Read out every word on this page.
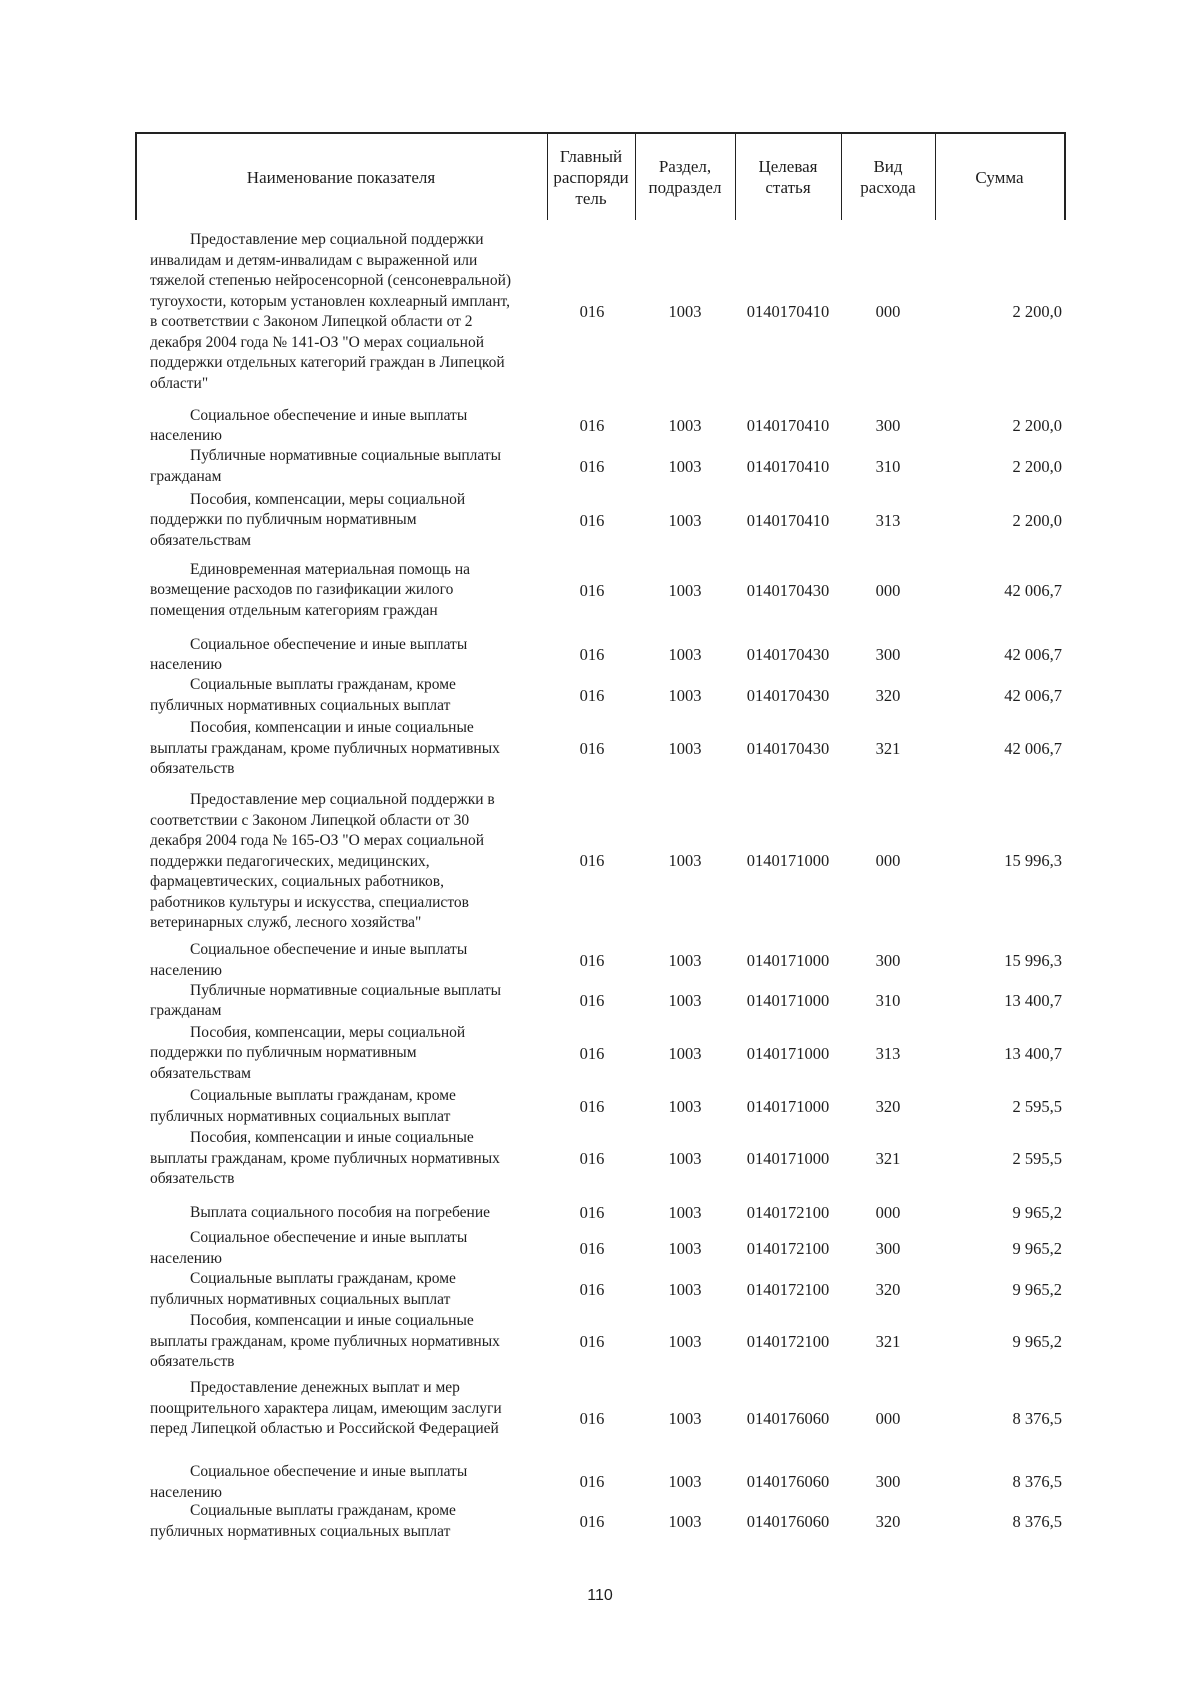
Наименование показателя
Главный распоряди тель
Раздел, подраздел
Целевая статья
Вид расхода
Сумма
Предоставление мер социальной поддержки инвалидам и детям-инвалидам с выраженной или тяжелой степенью нейросенсорной (сенсоневральной) тугоухости, которым установлен кохлеарный имплант, в соответствии с Законом Липецкой области от 2 декабря 2004 года № 141-ОЗ "О мерах социальной поддержки отдельных категорий граждан в Липецкой области"
016	1003	0140170410	000	2 200,0
Социальное обеспечение и иные выплаты населению
016	1003	0140170410	300	2 200,0
Публичные нормативные социальные выплаты гражданам
016	1003	0140170410	310	2 200,0
Пособия, компенсации, меры социальной поддержки по публичным нормативным обязательствам
016	1003	0140170410	313	2 200,0
Единовременная материальная помощь на возмещение расходов по газификации жилого помещения отдельным категориям граждан
016	1003	0140170430	000	42 006,7
Социальное обеспечение и иные выплаты населению
016	1003	0140170430	300	42 006,7
Социальные выплаты гражданам, кроме публичных нормативных социальных выплат
016	1003	0140170430	320	42 006,7
Пособия, компенсации и иные социальные выплаты гражданам, кроме публичных нормативных обязательств
016	1003	0140170430	321	42 006,7
Предоставление мер социальной поддержки в соответствии с Законом Липецкой области от 30 декабря 2004 года № 165-ОЗ "О мерах социальной поддержки педагогических, медицинских, фармацевтических, социальных работников, работников культуры и искусства, специалистов ветеринарных служб, лесного хозяйства"
016	1003	0140171000	000	15 996,3
Социальное обеспечение и иные выплаты населению
016	1003	0140171000	300	15 996,3
Публичные нормативные социальные выплаты гражданам
016	1003	0140171000	310	13 400,7
Пособия, компенсации, меры социальной поддержки по публичным нормативным обязательствам
016	1003	0140171000	313	13 400,7
Социальные выплаты гражданам, кроме публичных нормативных социальных выплат
016	1003	0140171000	320	2 595,5
Пособия, компенсации и иные социальные выплаты гражданам, кроме публичных нормативных обязательств
016	1003	0140171000	321	2 595,5
Выплата социального пособия на погребение	016	1003	0140172100	000	9 965,2
Социальное обеспечение и иные выплаты населению
016	1003	0140172100	300	9 965,2
Социальные выплаты гражданам, кроме публичных нормативных социальных выплат
016	1003	0140172100	320	9 965,2
Пособия, компенсации и иные социальные выплаты гражданам, кроме публичных нормативных обязательств
016	1003	0140172100	321	9 965,2
Предоставление денежных выплат и мер поощрительного характера лицам, имеющим заслуги перед Липецкой областью и Российской Федерацией
016	1003	0140176060	000	8 376,5
Социальное обеспечение и иные выплаты населению
016	1003	0140176060	300	8 376,5
Социальные выплаты гражданам, кроме публичных нормативных социальных выплат
016	1003	0140176060	320	8 376,5
110
